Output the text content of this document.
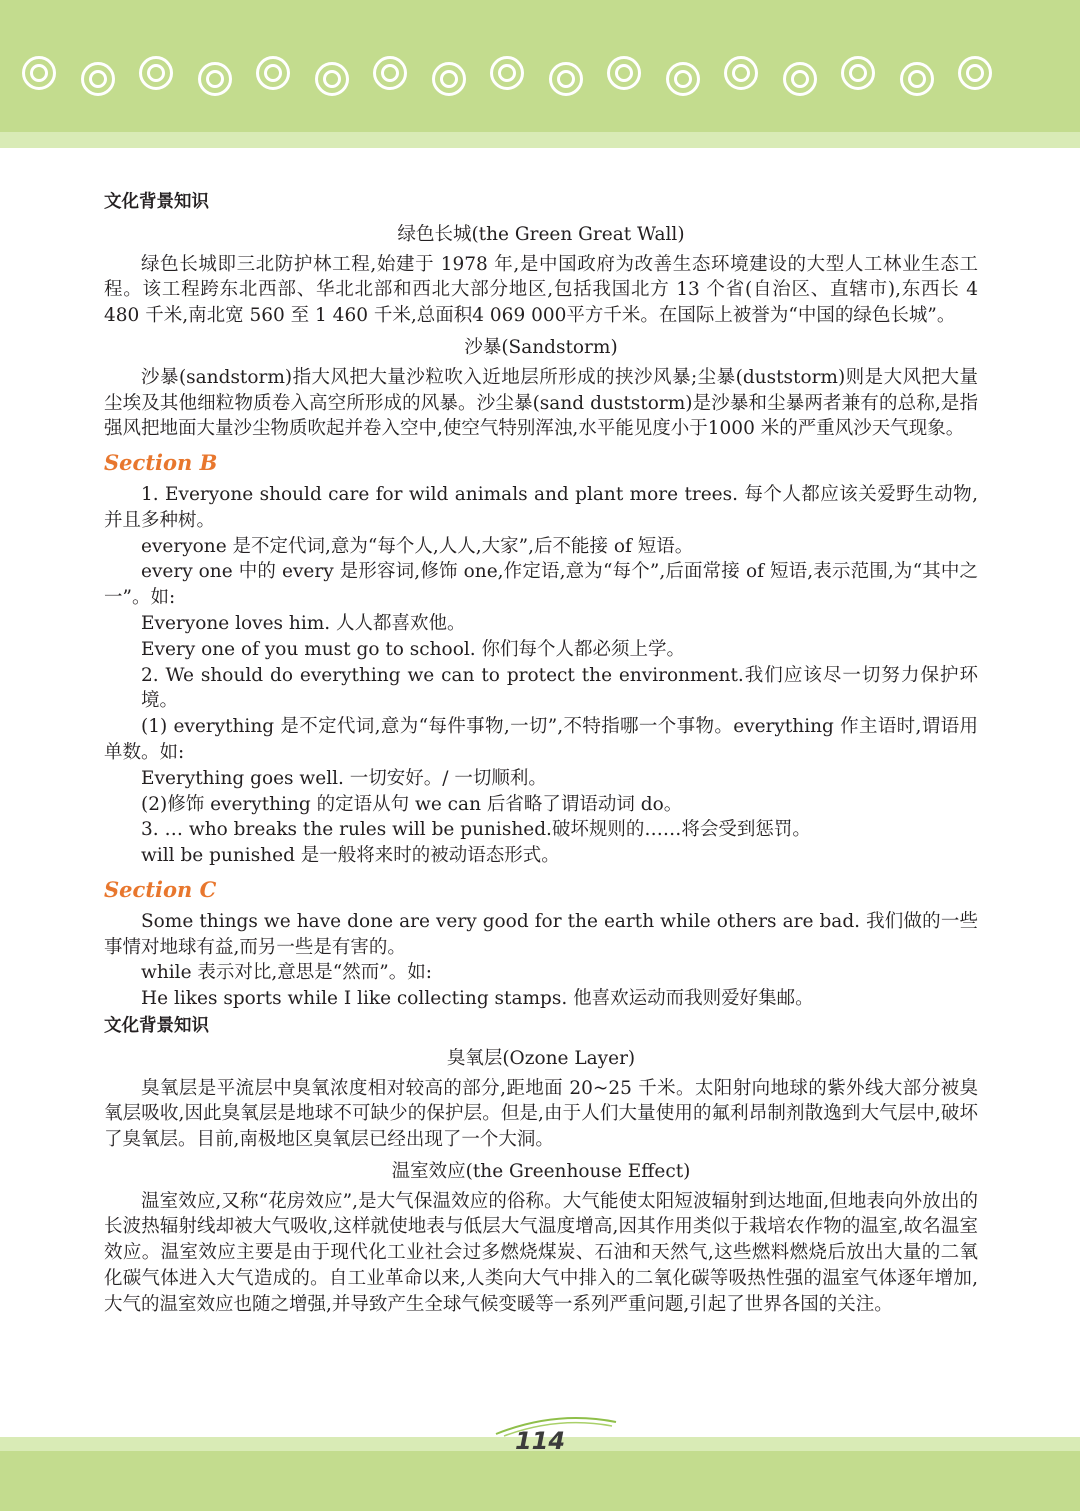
文化背景知识

绿色长城(the Green Great Wall)

绿色长城即三北防护林工程,始建于 1978 年,是中国政府为改善生态环境建设的大型人工林业生态工程。该工程跨东北西部、华北北部和西北大部分地区,包括我国北方 13 个省(自治区、直辖市),东西长 4 480 千米,南北宽 560 至 1 460 千米,总面积4 069 000平方千米。在国际上被誉为“中国的绿色长城”。

沙暴(Sandstorm)

沙暴(sandstorm)指大风把大量沙粒吹入近地层所形成的挟沙风暴;尘暴(duststorm)则是大风把大量尘埃及其他细粒物质卷入高空所形成的风暴。沙尘暴(sand duststorm)是沙暴和尘暴两者兼有的总称,是指强风把地面大量沙尘物质吹起并卷入空中,使空气特别浑浊,水平能见度小于1000 米的严重风沙天气现象。

Section B

1. Everyone should care for wild animals and plant more trees. 每个人都应该关爱野生动物,并且多种树。

everyone 是不定代词,意为“每个人,人人,大家”,后不能接 of 短语。

every one 中的 every 是形容词,修饰 one,作定语,意为“每个”,后面常接 of 短语,表示范围,为“其中之一”。如:

Everyone loves him. 人人都喜欢他。

Every one of you must go to school. 你们每个人都必须上学。

2. We should do everything we can to protect the environment.我们应该尽一切努力保护环境。

(1) everything 是不定代词,意为“每件事物,一切”,不特指哪一个事物。everything 作主语时,谓语用单数。如:

Everything goes well. 一切安好。/ 一切顺利。

(2)修饰 everything 的定语从句 we can 后省略了谓语动词 do。

3. … who breaks the rules will be punished.破坏规则的……将会受到惩罚。

will be punished 是一般将来时的被动语态形式。

Section C

Some things we have done are very good for the earth while others are bad. 我们做的一些事情对地球有益,而另一些是有害的。

while 表示对比,意思是“然而”。如:

He likes sports while I like collecting stamps. 他喜欢运动而我则爱好集邮。

文化背景知识

臭氧层(Ozone Layer)

臭氧层是平流层中臭氧浓度相对较高的部分,距地面 20~25 千米。太阳射向地球的紫外线大部分被臭氧层吸收,因此臭氧层是地球不可缺少的保护层。但是,由于人们大量使用的氟利昂制剂散逸到大气层中,破坏了臭氧层。目前,南极地区臭氧层已经出现了一个大洞。

温室效应(the Greenhouse Effect)

温室效应,又称“花房效应”,是大气保温效应的俗称。大气能使太阳短波辐射到达地面,但地表向外放出的长波热辐射线却被大气吸收,这样就使地表与低层大气温度增高,因其作用类似于栽培农作物的温室,故名温室效应。温室效应主要是由于现代化工业社会过多燃烧煤炭、石油和天然气,这些燃料燃烧后放出大量的二氧化碳气体进入大气造成的。自工业革命以来,人类向大气中排入的二氧化碳等吸热性强的温室气体逐年增加,大气的温室效应也随之增强,并导致产生全球气候变暖等一系列严重问题,引起了世界各国的关注。

114
